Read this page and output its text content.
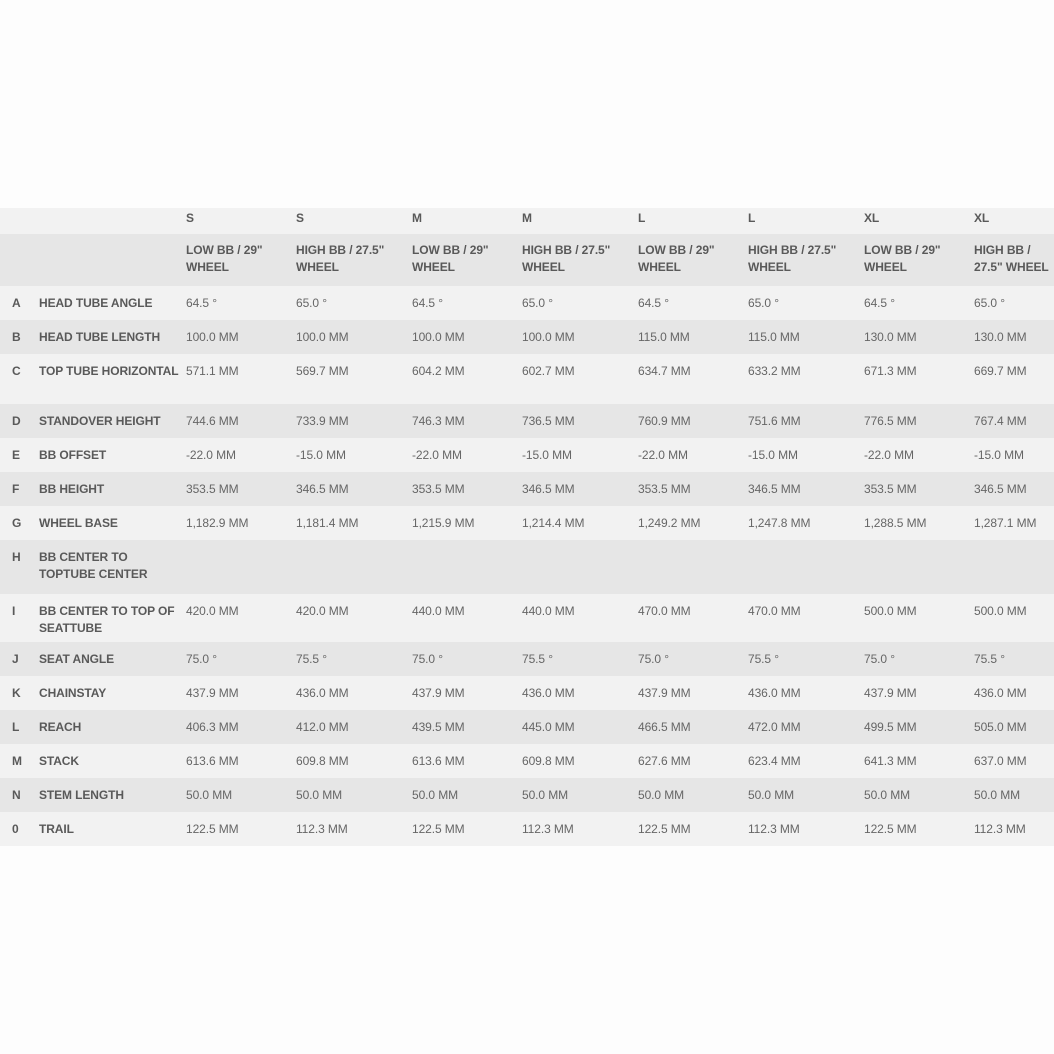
		S	S	M	M	L	L	XL	XL
		LOW BB / 29" WHEEL	HIGH BB / 27.5" WHEEL	LOW BB / 29" WHEEL	HIGH BB / 27.5" WHEEL	LOW BB / 29" WHEEL	HIGH BB / 27.5" WHEEL	LOW BB / 29" WHEEL	HIGH BB / 27.5" WHEEL
A	HEAD TUBE ANGLE	64.5 °	65.0 °	64.5 °	65.0 °	64.5 °	65.0 °	64.5 °	65.0 °
B	HEAD TUBE LENGTH	100.0 MM	100.0 MM	100.0 MM	100.0 MM	115.0 MM	115.0 MM	130.0 MM	130.0 MM
C	TOP TUBE HORIZONTAL	571.1 MM	569.7 MM	604.2 MM	602.7 MM	634.7 MM	633.2 MM	671.3 MM	669.7 MM
D	STANDOVER HEIGHT	744.6 MM	733.9 MM	746.3 MM	736.5 MM	760.9 MM	751.6 MM	776.5 MM	767.4 MM
E	BB OFFSET	-22.0 MM	-15.0 MM	-22.0 MM	-15.0 MM	-22.0 MM	-15.0 MM	-22.0 MM	-15.0 MM
F	BB HEIGHT	353.5 MM	346.5 MM	353.5 MM	346.5 MM	353.5 MM	346.5 MM	353.5 MM	346.5 MM
G	WHEEL BASE	1,182.9 MM	1,181.4 MM	1,215.9 MM	1,214.4 MM	1,249.2 MM	1,247.8 MM	1,288.5 MM	1,287.1 MM
H	BB CENTER TO TOPTUBE CENTER								
I	BB CENTER TO TOP OF SEATTUBE	420.0 MM	420.0 MM	440.0 MM	440.0 MM	470.0 MM	470.0 MM	500.0 MM	500.0 MM
J	SEAT ANGLE	75.0 °	75.5 °	75.0 °	75.5 °	75.0 °	75.5 °	75.0 °	75.5 °
K	CHAINSTAY	437.9 MM	436.0 MM	437.9 MM	436.0 MM	437.9 MM	436.0 MM	437.9 MM	436.0 MM
L	REACH	406.3 MM	412.0 MM	439.5 MM	445.0 MM	466.5 MM	472.0 MM	499.5 MM	505.0 MM
M	STACK	613.6 MM	609.8 MM	613.6 MM	609.8 MM	627.6 MM	623.4 MM	641.3 MM	637.0 MM
N	STEM LENGTH	50.0 MM	50.0 MM	50.0 MM	50.0 MM	50.0 MM	50.0 MM	50.0 MM	50.0 MM
0	TRAIL	122.5 MM	112.3 MM	122.5 MM	112.3 MM	122.5 MM	112.3 MM	122.5 MM	112.3 MM
